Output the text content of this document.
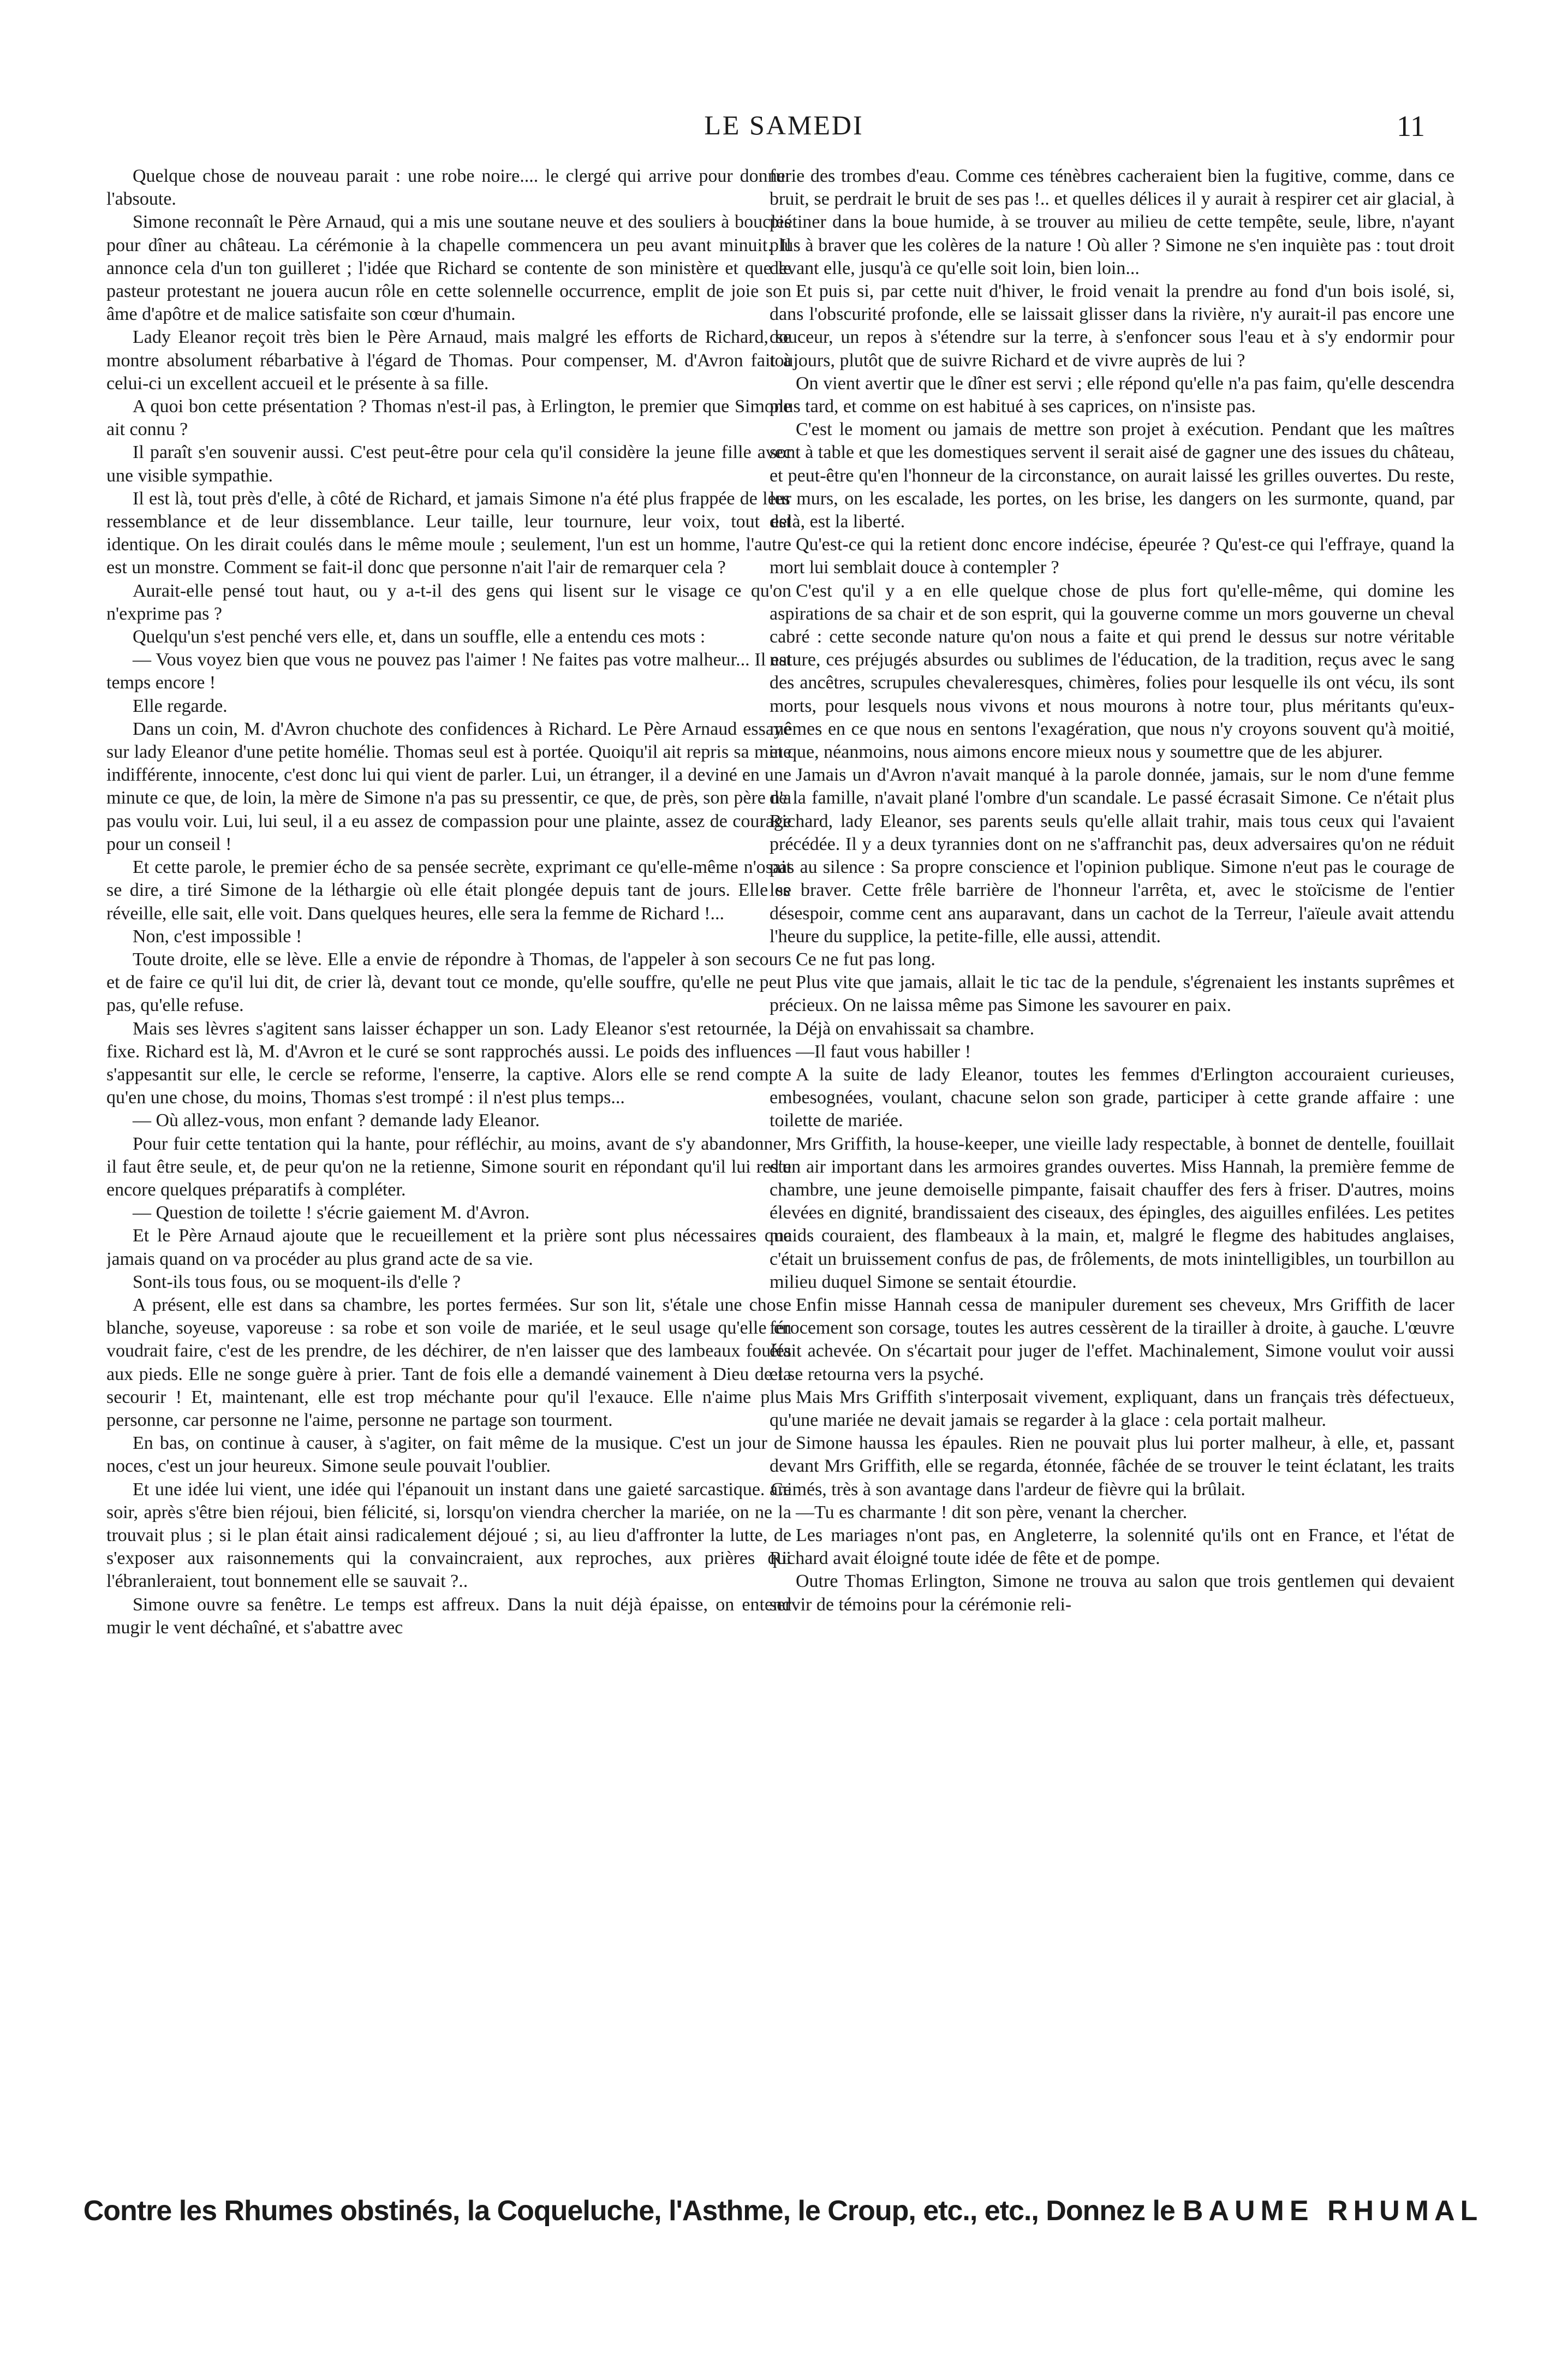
LE SAMEDI	11

Quelque chose de nouveau parait : une robe noire.... le clergé qui arrive pour donner l'absoute.

Simone reconnaît le Père Arnaud, qui a mis une soutane neuve et des souliers à boucles pour dîner au château. La cérémonie à la chapelle commencera un peu avant minuit. Il annonce cela d'un ton guilleret ; l'idée que Richard se contente de son ministère et que le pasteur protestant ne jouera aucun rôle en cette solennelle occurrence, emplit de joie son âme d'apôtre et de malice satisfaite son cœur d'humain.

Lady Eleanor reçoit très bien le Père Arnaud, mais malgré les efforts de Richard, se montre absolument rébarbative à l'égard de Thomas. Pour compenser, M. d'Avron fait à celui-ci un excellent accueil et le présente à sa fille.

A quoi bon cette présentation ? Thomas n'est-il pas, à Erlington, le premier que Simone ait connu ?

Il paraît s'en souvenir aussi. C'est peut-être pour cela qu'il considère la jeune fille avec une visible sympathie.

Il est là, tout près d'elle, à côté de Richard, et jamais Simone n'a été plus frappée de leur ressemblance et de leur dissemblance. Leur taille, leur tournure, leur voix, tout est identique. On les dirait coulés dans le même moule ; seulement, l'un est un homme, l'autre est un monstre. Comment se fait-il donc que personne n'ait l'air de remarquer cela ?

Aurait-elle pensé tout haut, ou y a-t-il des gens qui lisent sur le visage ce qu'on n'exprime pas ?

Quelqu'un s'est penché vers elle, et, dans un souffle, elle a entendu ces mots :

— Vous voyez bien que vous ne pouvez pas l'aimer ! Ne faites pas votre malheur... Il est temps encore !

Elle regarde.

Dans un coin, M. d'Avron chuchote des confidences à Richard. Le Père Arnaud essaye sur lady Eleanor d'une petite homélie. Thomas seul est à portée. Quoiqu'il ait repris sa mine indifférente, innocente, c'est donc lui qui vient de parler. Lui, un étranger, il a deviné en une minute ce que, de loin, la mère de Simone n'a pas su pressentir, ce que, de près, son père n'a pas voulu voir. Lui, lui seul, il a eu assez de compassion pour une plainte, assez de courage pour un conseil !

Et cette parole, le premier écho de sa pensée secrète, exprimant ce qu'elle-même n'osait se dire, a tiré Simone de la léthargie où elle était plongée depuis tant de jours. Elle se réveille, elle sait, elle voit. Dans quelques heures, elle sera la femme de Richard !...

Non, c'est impossible !

Toute droite, elle se lève. Elle a envie de répondre à Thomas, de l'appeler à son secours et de faire ce qu'il lui dit, de crier là, devant tout ce monde, qu'elle souffre, qu'elle ne peut pas, qu'elle refuse.

Mais ses lèvres s'agitent sans laisser échapper un son. Lady Eleanor s'est retournée, la fixe. Richard est là, M. d'Avron et le curé se sont rapprochés aussi. Le poids des influences s'appesantit sur elle, le cercle se reforme, l'enserre, la captive. Alors elle se rend compte qu'en une chose, du moins, Thomas s'est trompé : il n'est plus temps...

— Où allez-vous, mon enfant ? demande lady Eleanor.

Pour fuir cette tentation qui la hante, pour réfléchir, au moins, avant de s'y abandonner, il faut être seule, et, de peur qu'on ne la retienne, Simone sourit en répondant qu'il lui reste encore quelques préparatifs à compléter.

— Question de toilette ! s'écrie gaiement M. d'Avron.

Et le Père Arnaud ajoute que le recueillement et la prière sont plus nécessaires que jamais quand on va procéder au plus grand acte de sa vie.

Sont-ils tous fous, ou se moquent-ils d'elle ?

A présent, elle est dans sa chambre, les portes fermées. Sur son lit, s'étale une chose blanche, soyeuse, vaporeuse : sa robe et son voile de mariée, et le seul usage qu'elle en voudrait faire, c'est de les prendre, de les déchirer, de n'en laisser que des lambeaux foulés aux pieds. Elle ne songe guère à prier. Tant de fois elle a demandé vainement à Dieu de la secourir ! Et, maintenant, elle est trop méchante pour qu'il l'exauce. Elle n'aime plus personne, car personne ne l'aime, personne ne partage son tourment.

En bas, on continue à causer, à s'agiter, on fait même de la musique. C'est un jour de noces, c'est un jour heureux. Simone seule pouvait l'oublier.

Et une idée lui vient, une idée qui l'épanouit un instant dans une gaieté sarcastique. Ce soir, après s'être bien réjoui, bien félicité, si, lorsqu'on viendra chercher la mariée, on ne la trouvait plus ; si le plan était ainsi radicalement déjoué ; si, au lieu d'affronter la lutte, de s'exposer aux raisonnements qui la convaincraient, aux reproches, aux prières qui l'ébranleraient, tout bonnement elle se sauvait ?..

Simone ouvre sa fenêtre. Le temps est affreux. Dans la nuit déjà épaisse, on entend mugir le vent déchaîné, et s'abattre avec

furie des trombes d'eau. Comme ces ténèbres cacheraient bien la fugitive, comme, dans ce bruit, se perdrait le bruit de ses pas !.. et quelles délices il y aurait à respirer cet air glacial, à piétiner dans la boue humide, à se trouver au milieu de cette tempête, seule, libre, n'ayant plus à braver que les colères de la nature ! Où aller ? Simone ne s'en inquiète pas : tout droit devant elle, jusqu'à ce qu'elle soit loin, bien loin...

Et puis si, par cette nuit d'hiver, le froid venait la prendre au fond d'un bois isolé, si, dans l'obscurité profonde, elle se laissait glisser dans la rivière, n'y aurait-il pas encore une douceur, un repos à s'étendre sur la terre, à s'enfoncer sous l'eau et à s'y endormir pour toujours, plutôt que de suivre Richard et de vivre auprès de lui ?

On vient avertir que le dîner est servi ; elle répond qu'elle n'a pas faim, qu'elle descendra plus tard, et comme on est habitué à ses caprices, on n'insiste pas.

C'est le moment ou jamais de mettre son projet à exécution. Pendant que les maîtres sont à table et que les domestiques servent il serait aisé de gagner une des issues du château, et peut-être qu'en l'honneur de la circonstance, on aurait laissé les grilles ouvertes. Du reste, les murs, on les escalade, les portes, on les brise, les dangers on les surmonte, quand, par delà, est la liberté.

Qu'est-ce qui la retient donc encore indécise, épeurée ? Qu'est-ce qui l'effraye, quand la mort lui semblait douce à contempler ?

C'est qu'il y a en elle quelque chose de plus fort qu'elle-même, qui domine les aspirations de sa chair et de son esprit, qui la gouverne comme un mors gouverne un cheval cabré : cette seconde nature qu'on nous a faite et qui prend le dessus sur notre véritable nature, ces préjugés absurdes ou sublimes de l'éducation, de la tradition, reçus avec le sang des ancêtres, scrupules chevaleresques, chimères, folies pour lesquelle ils ont vécu, ils sont morts, pour lesquels nous vivons et nous mourons à notre tour, plus méritants qu'eux-mêmes en ce que nous en sentons l'exagération, que nous n'y croyons souvent qu'à moitié, et que, néanmoins, nous aimons encore mieux nous y soumettre que de les abjurer.

Jamais un d'Avron n'avait manqué à la parole donnée, jamais, sur le nom d'une femme de la famille, n'avait plané l'ombre d'un scandale. Le passé écrasait Simone. Ce n'était plus Richard, lady Eleanor, ses parents seuls qu'elle allait trahir, mais tous ceux qui l'avaient précédée. Il y a deux tyrannies dont on ne s'affranchit pas, deux adversaires qu'on ne réduit pas au silence : Sa propre conscience et l'opinion publique. Simone n'eut pas le courage de les braver. Cette frêle barrière de l'honneur l'arrêta, et, avec le stoïcisme de l'entier désespoir, comme cent ans auparavant, dans un cachot de la Terreur, l'aïeule avait attendu l'heure du supplice, la petite-fille, elle aussi, attendit.

Ce ne fut pas long.

Plus vite que jamais, allait le tic tac de la pendule, s'égrenaient les instants suprêmes et précieux. On ne laissa même pas Simone les savourer en paix.

Déjà on envahissait sa chambre.

—Il faut vous habiller !

A la suite de lady Eleanor, toutes les femmes d'Erlington accouraient curieuses, embesognées, voulant, chacune selon son grade, participer à cette grande affaire : une toilette de mariée.

Mrs Griffith, la house-keeper, une vieille lady respectable, à bonnet de dentelle, fouillait d'un air important dans les armoires grandes ouvertes. Miss Hannah, la première femme de chambre, une jeune demoiselle pimpante, faisait chauffer des fers à friser. D'autres, moins élevées en dignité, brandissaient des ciseaux, des épingles, des aiguilles enfilées. Les petites maids couraient, des flambeaux à la main, et, malgré le flegme des habitudes anglaises, c'était un bruissement confus de pas, de frôlements, de mots inintelligibles, un tourbillon au milieu duquel Simone se sentait étourdie.

Enfin misse Hannah cessa de manipuler durement ses cheveux, Mrs Griffith de lacer férocement son corsage, toutes les autres cessèrent de la tirailler à droite, à gauche. L'œuvre était achevée. On s'écartait pour juger de l'effet. Machinalement, Simone voulut voir aussi et se retourna vers la psyché.

Mais Mrs Griffith s'interposait vivement, expliquant, dans un français très défectueux, qu'une mariée ne devait jamais se regarder à la glace : cela portait malheur.

Simone haussa les épaules. Rien ne pouvait plus lui porter malheur, à elle, et, passant devant Mrs Griffith, elle se regarda, étonnée, fâchée de se trouver le teint éclatant, les traits animés, très à son avantage dans l'ardeur de fièvre qui la brûlait.

—Tu es charmante ! dit son père, venant la chercher.

Les mariages n'ont pas, en Angleterre, la solennité qu'ils ont en France, et l'état de Richard avait éloigné toute idée de fête et de pompe.

Outre Thomas Erlington, Simone ne trouva au salon que trois gentlemen qui devaient servir de témoins pour la cérémonie reli-

Contre les Rhumes obstinés, la Coqueluche, l'Asthme, le Croup, etc., etc., Donnez le BAUME RHUMAL
